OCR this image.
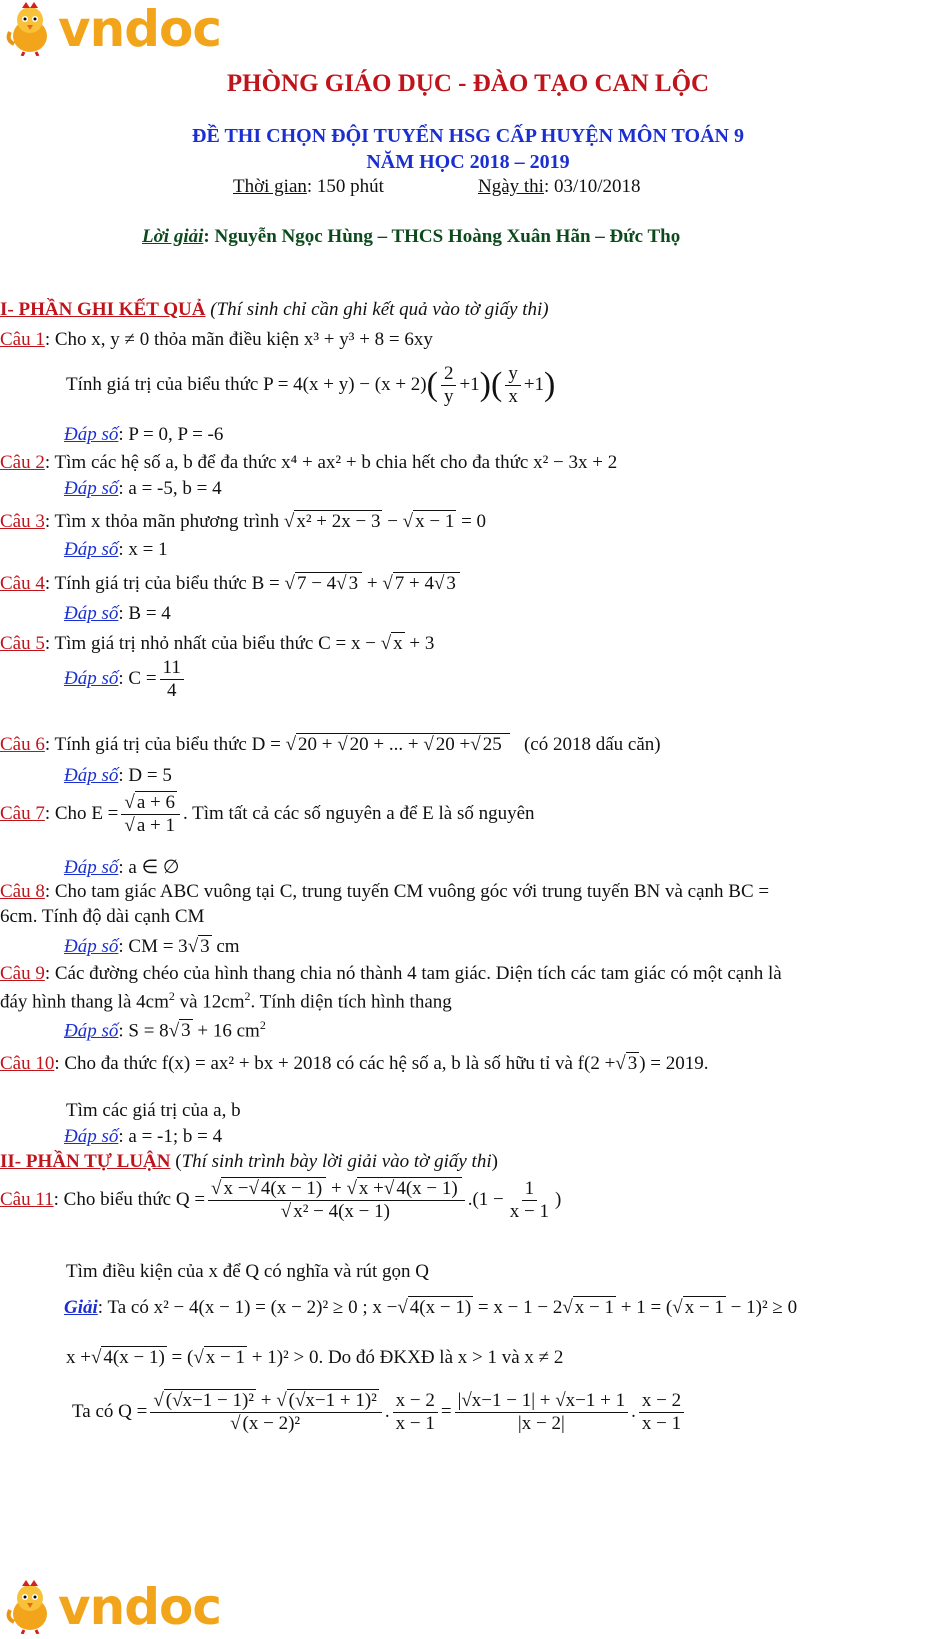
vndoc
PHÒNG GIÁO DỤC - ĐÀO TẠO CAN LỘC
ĐỀ THI CHỌN ĐỘI TUYỂN HSG CẤP HUYỆN MÔN TOÁN 9
NĂM HỌC 2018 – 2019
Thời gian: 150 phút	Ngày thi: 03/10/2018
Lời giải: Nguyễn Ngọc Hùng – THCS Hoàng Xuân Hãn – Đức Thọ
I- PHẦN GHI KẾT QUẢ (Thí sinh chỉ cần ghi kết quả vào tờ giấy thi)
Câu 1: Cho x, y ≠ 0 thỏa mãn điều kiện x³ + y³ + 8 = 6xy
Tính giá trị của biểu thức
P = 4(x + y) − (x + 2) ( $\frac{2}{y} +1$ )( $\frac{y}{x} +1$ )
Đáp số: P = 0, P = -6
Câu 2: Tìm các hệ số a, b để đa thức x⁴ + ax² + b chia hết cho đa thức x² − 3x + 2
Đáp số: a = -5, b = 4
Câu 3: Tìm x thỏa mãn phương trình √ x² + 2x − 3 − √ x − 1 = 0
Đáp số: x = 1
Câu 4: Tính giá trị của biểu thức B = √ 7 − 4√ 3 + √ 7 + 4√ 3
Đáp số: B = 4
Câu 5: Tìm giá trị nhỏ nhất của biểu thức C = x − √ x + 3
Đáp số : $C = \frac{11}{4}$
Câu 6: Tính giá trị của biểu thức D = √ 20 + √ 20 + ... + √ 20 +√ 25 (có 2018 dấu căn)
Đáp số: D = 5
Câu 7 : Cho
$E = \frac{√ a + 6}{√ a + 1}$ . Tìm tất cả các số nguyên a để E là số nguyên
Đáp số: a ∈ ∅
Câu 8: Cho tam giác ABC vuông tại C, trung tuyến CM vuông góc với trung tuyến BN và cạnh BC =
6cm. Tính độ dài cạnh CM
Đáp số: CM = 3√ 3 cm
Câu 9: Các đường chéo của hình thang chia nó thành 4 tam giác. Diện tích các tam giác có một cạnh là
đáy hình thang là $4cm^2$ và $12cm^2$. Tính diện tích hình thang
Đáp số: S = 8√ 3 + 16 $cm^2$
Câu 10: Cho đa thức f(x) = ax² + bx + 2018 có các hệ số a, b là số hữu tỉ và f(2 +√ 3 ) = 2019.
Tìm các giá trị của a, b
Đáp số: a = -1; b = 4
II- PHẦN TỰ LUẬN (Thí sinh trình bày lời giải vào tờ giấy thi)
Câu 11 : Cho biểu thức
$Q = \frac{√ x -√ 4(x - 1) + √ x +√ 4(x - 1)}{\text{√ x² − 4(x − 1)}} .(1 - \frac{1}{x - 1}$ )
Tìm điều kiện của x để Q có nghĩa và rút gọn Q
Giải: Ta có x² − 4(x − 1) = (x − 2)² ≥ 0 ; x −√ 4(x − 1) = x − 1 − 2√ x − 1 + 1 = (√ x − 1 − 1)² ≥ 0
x +√ 4(x − 1) = (√ x − 1 + 1)² > 0. Do đó ĐKXĐ là x > 1 và x ≠ 2
Ta có $Q = \frac{\text{√ (√x−1 − 1)² + √ (√x−1 + 1)²}}{\text{√ (x − 2)²}}$ . $\frac{x - 2}{x - 1} = \frac{|√x-1 - 1| + √x-1 + 1}{|x - 2|}$ . $\frac{x - 2}{x - 1}$
vndoc
